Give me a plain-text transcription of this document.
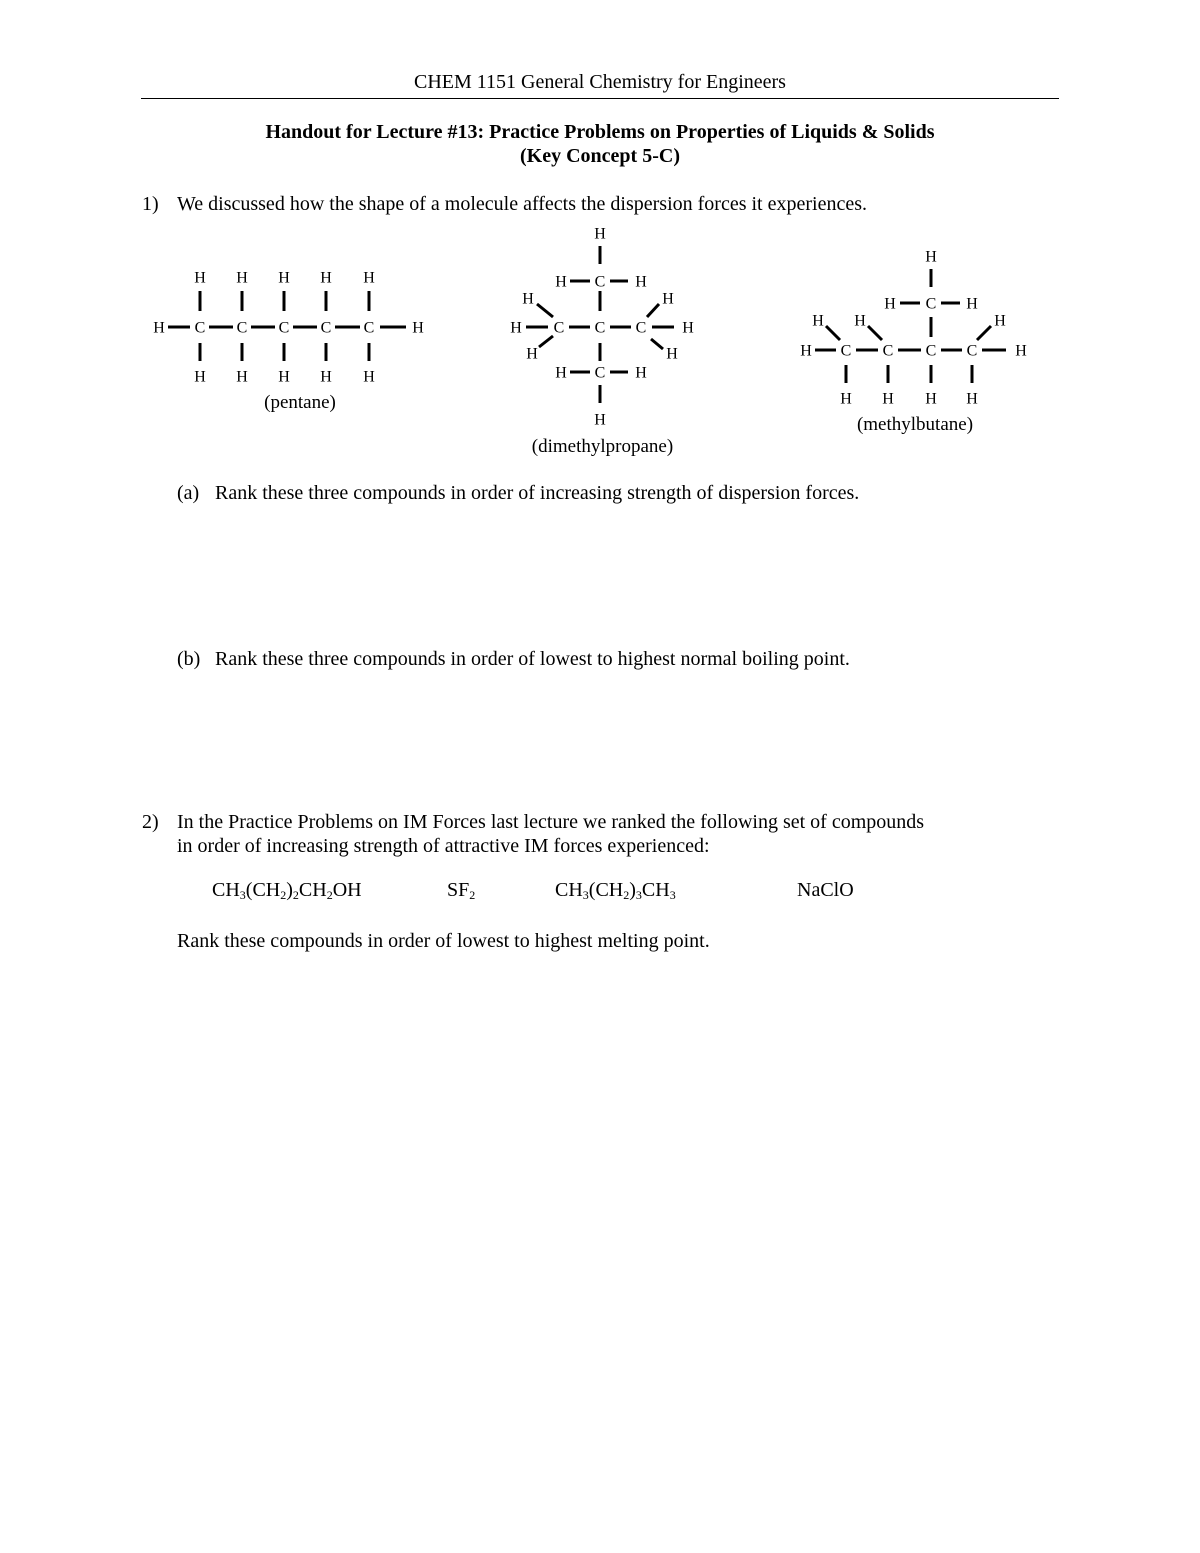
CHEM 1151 General Chemistry for Engineers
Handout for Lecture #13: Practice Problems on Properties of Liquids & Solids
(Key Concept 5-C)
1) We discussed how the shape of a molecule affects the dispersion forces it experiences.
H C
H
H
C
H
H
C
H
H
C
H
H
C
H
H
H
H
H C H
C
C	C
H	H
H	H
H	H
C
H	H
H
H
H C H
H C
H
C
H
C
H
C
H
H
H H	H
(pentane)
(dimethylpropane)
(methylbutane)
(a) Rank these three compounds in order of increasing strength of dispersion forces.
(b) Rank these three compounds in order of lowest to highest normal boiling point.
2) In the Practice Problems on IM Forces last lecture we ranked the following set of compounds
in order of increasing strength of attractive IM forces experienced:
$CH_3(CH_2)_2CH_2OH$	$SF_2$	$CH_3(CH_2)_3CH_3$	NaClO
Rank these compounds in order of lowest to highest melting point.
